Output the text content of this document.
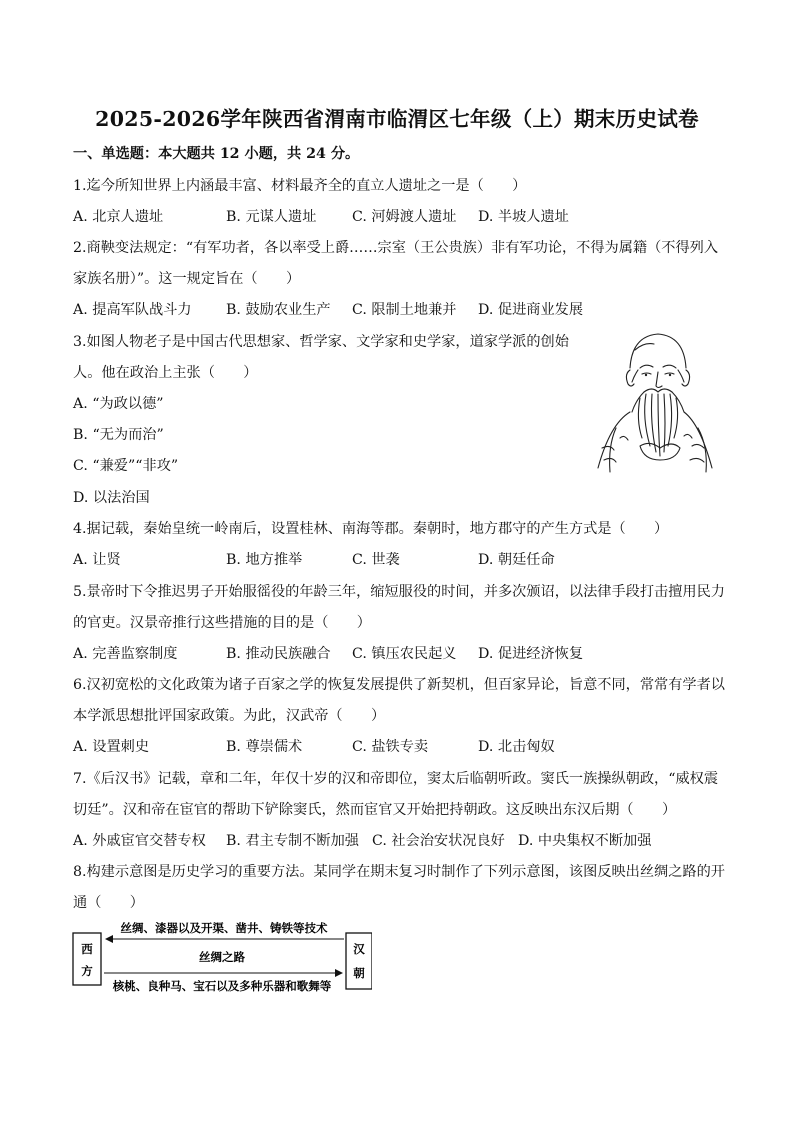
2025-2026学年陕西省渭南市临渭区七年级（上）期末历史试卷
一、单选题：本大题共 12 小题，共 24 分。
1.迄今所知世界上内涵最丰富、材料最齐全的直立人遗址之一是（　　）
A. 北京人遗址	B. 元谋人遗址	C. 河姆渡人遗址 D. 半坡人遗址
2.商鞅变法规定：“有军功者，各以率受上爵……宗室（王公贵族）非有军功论，不得为属籍（不得列入
家族名册）”。这一规定旨在（　　）
A. 提高军队战斗力 B. 鼓励农业生产 C. 限制土地兼并 D. 促进商业发展
3.如图人物老子是中国古代思想家、哲学家、文学家和史学家，道家学派的创始
人。他在政治上主张（　　）
A. “为政以德”
B. “无为而治”
C. “兼爱”“非攻”
D. 以法治国
4.据记载，秦始皇统一岭南后，设置桂林、南海等郡。秦朝时，地方郡守的产生方式是（　　）
A. 让贤	B. 地方推举	C. 世袭	D. 朝廷任命
5.景帝时下令推迟男子开始服徭役的年龄三年，缩短服役的时间，并多次颁诏，以法律手段打击擅用民力
的官吏。汉景帝推行这些措施的目的是（　　）
A. 完善监察制度	B. 推动民族融合 C. 镇压农民起义 D. 促进经济恢复
6.汉初宽松的文化政策为诸子百家之学的恢复发展提供了新契机，但百家异论，旨意不同，常常有学者以
本学派思想批评国家政策。为此，汉武帝（　　）
A. 设置刺史	B. 尊崇儒术	C. 盐铁专卖	D. 北击匈奴
7.《后汉书》记载，章和二年，年仅十岁的汉和帝即位，窦太后临朝听政。窦氏一族操纵朝政，“威权震
切廷”。汉和帝在宦官的帮助下铲除窦氏，然而宦官又开始把持朝政。这反映出东汉后期（　　）
A. 外戚宦官交替专权 B. 君主专制不断加强 C. 社会治安状况良好 D. 中央集权不断加强
8.构建示意图是历史学习的重要方法。某同学在期末复习时制作了下列示意图，该图反映出丝绸之路的开
通（　　）
西
方
汉
朝
丝绸、漆器以及开渠、凿井、铸铁等技术
丝绸之路
核桃、良种马、宝石以及多种乐器和歌舞等
